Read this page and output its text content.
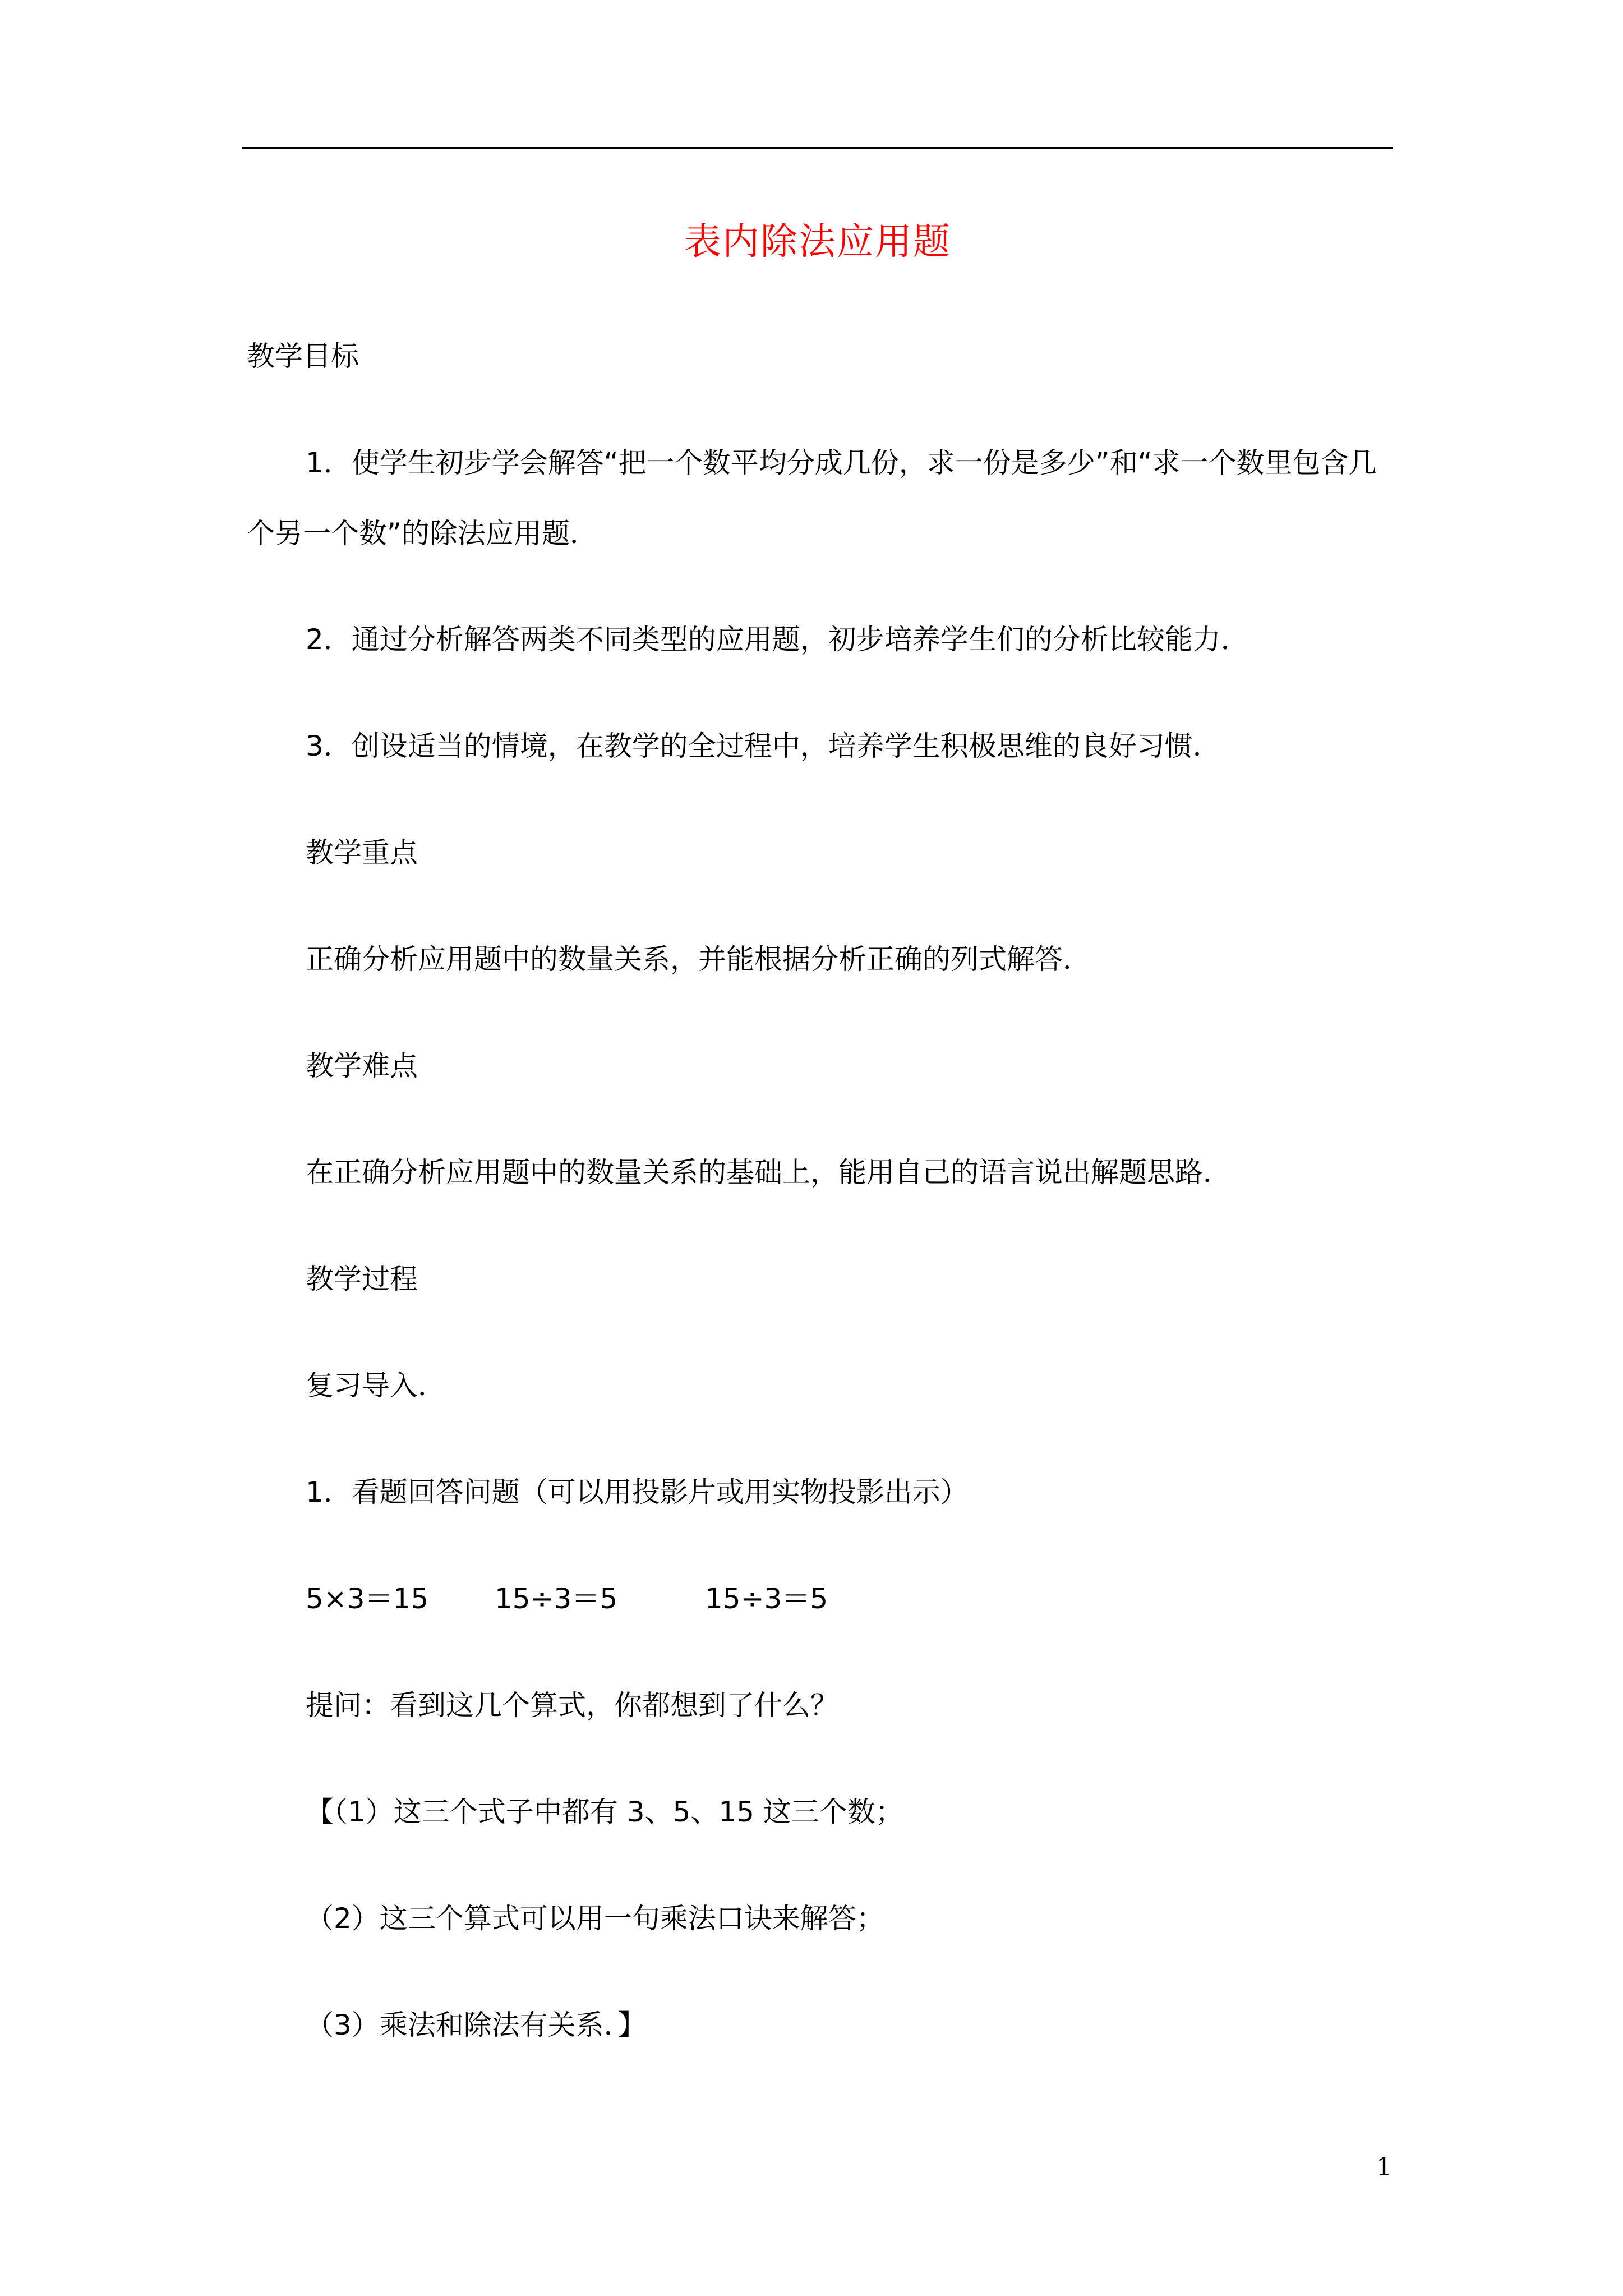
表内除法应用题
教学目标
1．使学生初步学会解答“把一个数平均分成几份，求一份是多少”和“求一个数里包含几
个另一个数”的除法应用题．
2．通过分析解答两类不同类型的应用题，初步培养学生们的分析比较能力．
3．创设适当的情境，在教学的全过程中，培养学生积极思维的良好习惯．
教学重点
正确分析应用题中的数量关系，并能根据分析正确的列式解答．
教学难点
在正确分析应用题中的数量关系的基础上，能用自己的语言说出解题思路．
教学过程
复习导入．
1．看题回答问题（可以用投影片或用实物投影出示）
5×3＝15 15÷3＝5	15÷3＝5
提问：看到这几个算式，你都想到了什么？
【（1）这三个式子中都有 3、5、15 这三个数；
（2）这三个算式可以用一句乘法口诀来解答；
（3）乘法和除法有关系．】
1
